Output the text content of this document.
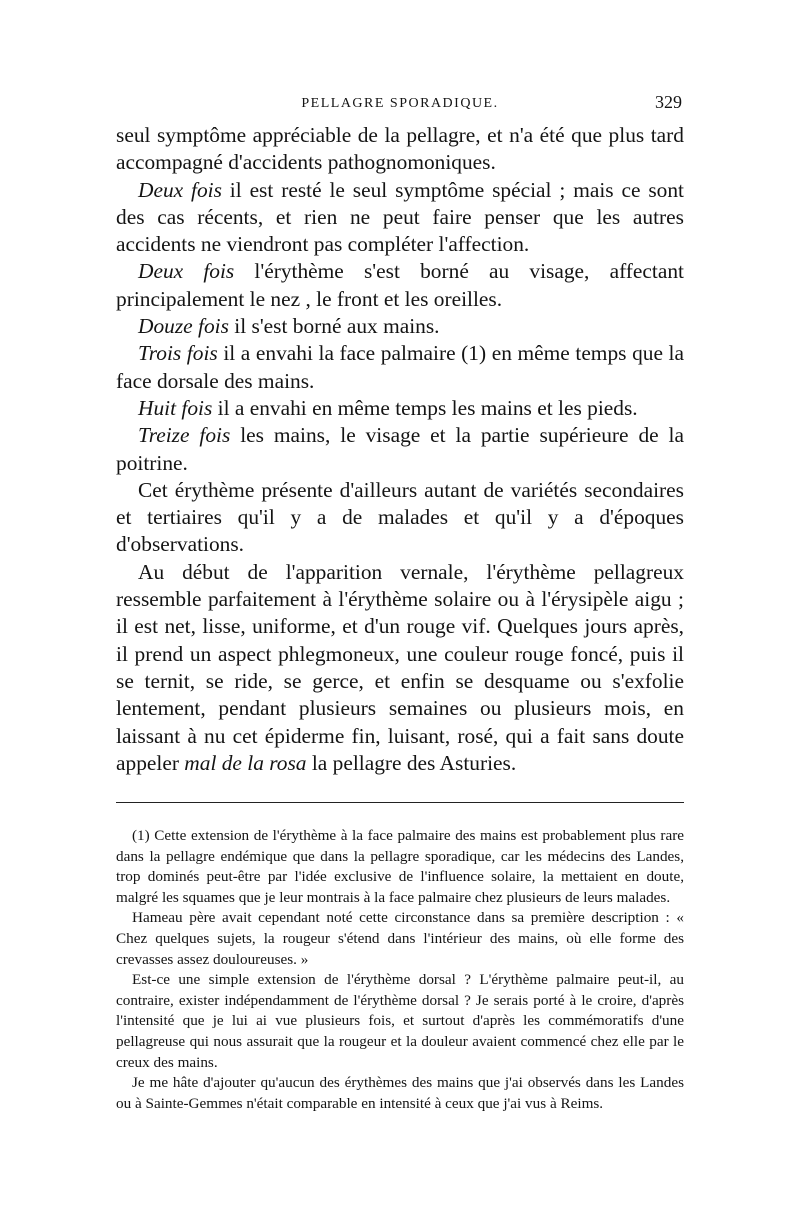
PELLAGRE SPORADIQUE.	329

seul symptôme appréciable de la pellagre, et n'a été que plus tard accompagné d'accidents pathognomoniques.

Deux fois il est resté le seul symptôme spécial ; mais ce sont des cas récents, et rien ne peut faire penser que les autres accidents ne viendront pas compléter l'affection.

Deux fois l'érythème s'est borné au visage, affectant principalement le nez , le front et les oreilles.

Douze fois il s'est borné aux mains.

Trois fois il a envahi la face palmaire (1) en même temps que la face dorsale des mains.

Huit fois il a envahi en même temps les mains et les pieds.

Treize fois les mains, le visage et la partie supérieure de la poitrine.

Cet érythème présente d'ailleurs autant de variétés secondaires et tertiaires qu'il y a de malades et qu'il y a d'époques d'observations.

Au début de l'apparition vernale, l'érythème pellagreux ressemble parfaitement à l'érythème solaire ou à l'érysipèle aigu ; il est net, lisse, uniforme, et d'un rouge vif. Quelques jours après, il prend un aspect phlegmoneux, une couleur rouge foncé, puis il se ternit, se ride, se gerce, et enfin se desquame ou s'exfolie lentement, pendant plusieurs semaines ou plusieurs mois, en laissant à nu cet épiderme fin, luisant, rosé, qui a fait sans doute appeler mal de la rosa la pellagre des Asturies.

(1) Cette extension de l'érythème à la face palmaire des mains est probablement plus rare dans la pellagre endémique que dans la pellagre sporadique, car les médecins des Landes, trop dominés peut-être par l'idée exclusive de l'influence solaire, la mettaient en doute, malgré les squames que je leur montrais à la face palmaire chez plusieurs de leurs malades.

Hameau père avait cependant noté cette circonstance dans sa première description : « Chez quelques sujets, la rougeur s'étend dans l'intérieur des mains, où elle forme des crevasses assez douloureuses. »

Est-ce une simple extension de l'érythème dorsal ? L'érythème palmaire peut-il, au contraire, exister indépendamment de l'érythème dorsal ? Je serais porté à le croire, d'après l'intensité que je lui ai vue plusieurs fois, et surtout d'après les commémoratifs d'une pellagreuse qui nous assurait que la rougeur et la douleur avaient commencé chez elle par le creux des mains.

Je me hâte d'ajouter qu'aucun des érythèmes des mains que j'ai observés dans les Landes ou à Sainte-Gemmes n'était comparable en intensité à ceux que j'ai vus à Reims.
